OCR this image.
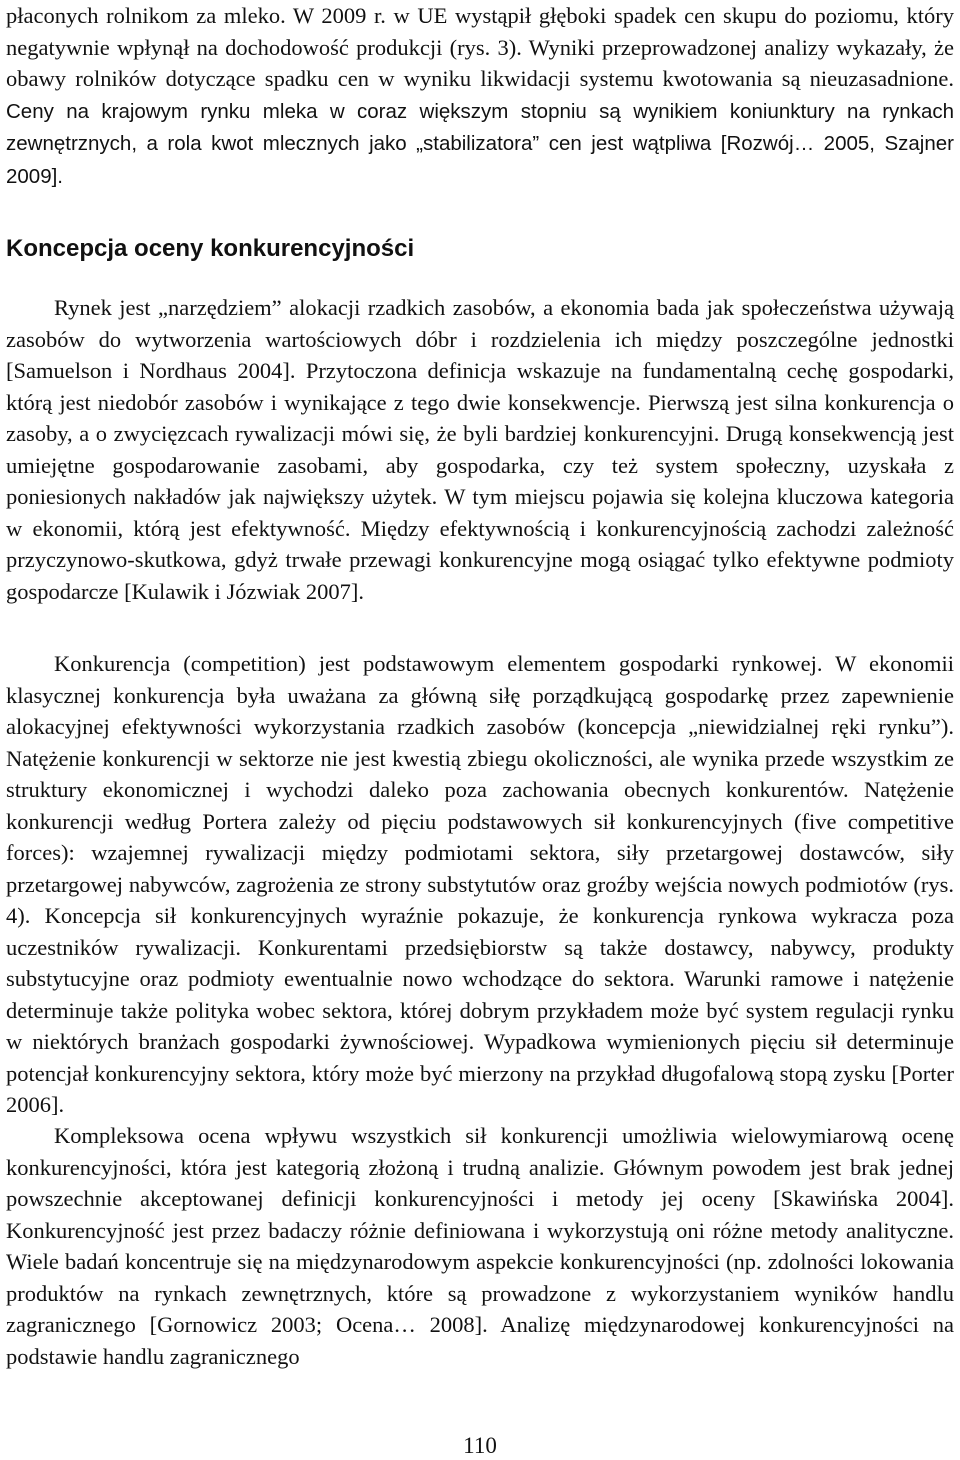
płaconych rolnikom za mleko. W 2009 r. w UE wystąpił głęboki spadek cen skupu do poziomu, który negatywnie wpłynął na dochodowość produkcji (rys. 3). Wyniki przeprowadzonej analizy wykazały, że obawy rolników dotyczące spadku cen w wyniku likwidacji systemu kwotowania są nieuzasadnione. Ceny na krajowym rynku mleka w coraz większym stopniu są wynikiem koniunktury na rynkach zewnętrznych, a rola kwot mlecznych jako „stabilizatora” cen jest wątpliwa [Rozwój… 2005, Szajner 2009].

Koncepcja oceny konkurencyjności

Rynek jest „narzędziem” alokacji rzadkich zasobów, a ekonomia bada jak społeczeństwa używają zasobów do wytworzenia wartościowych dóbr i rozdzielenia ich między poszczególne jednostki [Samuelson i Nordhaus 2004]. Przytoczona definicja wskazuje na fundamentalną cechę gospodarki, którą jest niedobór zasobów i wynikające z tego dwie konsekwencje. Pierwszą jest silna konkurencja o zasoby, a o zwycięzcach rywalizacji mówi się, że byli bardziej konkurencyjni. Drugą konsekwencją jest umiejętne gospodarowanie zasobami, aby gospodarka, czy też system społeczny, uzyskała z poniesionych nakładów jak największy użytek. W tym miejscu pojawia się kolejna kluczowa kategoria w ekonomii, którą jest efektywność. Między efektywnością i konkurencyjnością zachodzi zależność przyczynowo-skutkowa, gdyż trwałe przewagi konkurencyjne mogą osiągać tylko efektywne podmioty gospodarcze [Kulawik i Józwiak 2007].

Konkurencja (competition) jest podstawowym elementem gospodarki rynkowej. W ekonomii klasycznej konkurencja była uważana za główną siłę porządkującą gospodarkę przez zapewnienie alokacyjnej efektywności wykorzystania rzadkich zasobów (koncepcja „niewidzialnej ręki rynku”). Natężenie konkurencji w sektorze nie jest kwestią zbiegu okoliczności, ale wynika przede wszystkim ze struktury ekonomicznej i wychodzi daleko poza zachowania obecnych konkurentów. Natężenie konkurencji według Portera zależy od pięciu podstawowych sił konkurencyjnych (five competitive forces): wzajemnej rywalizacji między podmiotami sektora, siły przetargowej dostawców, siły przetargowej nabywców, zagrożenia ze strony substytutów oraz groźby wejścia nowych podmiotów (rys. 4). Koncepcja sił konkurencyjnych wyraźnie pokazuje, że konkurencja rynkowa wykracza poza uczestników rywalizacji. Konkurentami przedsiębiorstw są także dostawcy, nabywcy, produkty substytucyjne oraz podmioty ewentualnie nowo wchodzące do sektora. Warunki ramowe i natężenie determinuje także polityka wobec sektora, której dobrym przykładem może być system regulacji rynku w niektórych branżach gospodarki żywnościowej. Wypadkowa wymienionych pięciu sił determinuje potencjał konkurencyjny sektora, który może być mierzony na przykład długofalową stopą zysku [Porter 2006].

Kompleksowa ocena wpływu wszystkich sił konkurencji umożliwia wielowymiarową ocenę konkurencyjności, która jest kategorią złożoną i trudną analizie. Głównym powodem jest brak jednej powszechnie akceptowanej definicji konkurencyjności i metody jej oceny [Skawińska 2004]. Konkurencyjność jest przez badaczy różnie definiowana i wykorzystują oni różne metody analityczne. Wiele badań koncentruje się na międzynarodowym aspekcie konkurencyjności (np. zdolności lokowania produktów na rynkach zewnętrznych, które są prowadzone z wykorzystaniem wyników handlu zagranicznego [Gornowicz 2003; Ocena… 2008]. Analizę międzynarodowej konkurencyjności na podstawie handlu zagranicznego

110
